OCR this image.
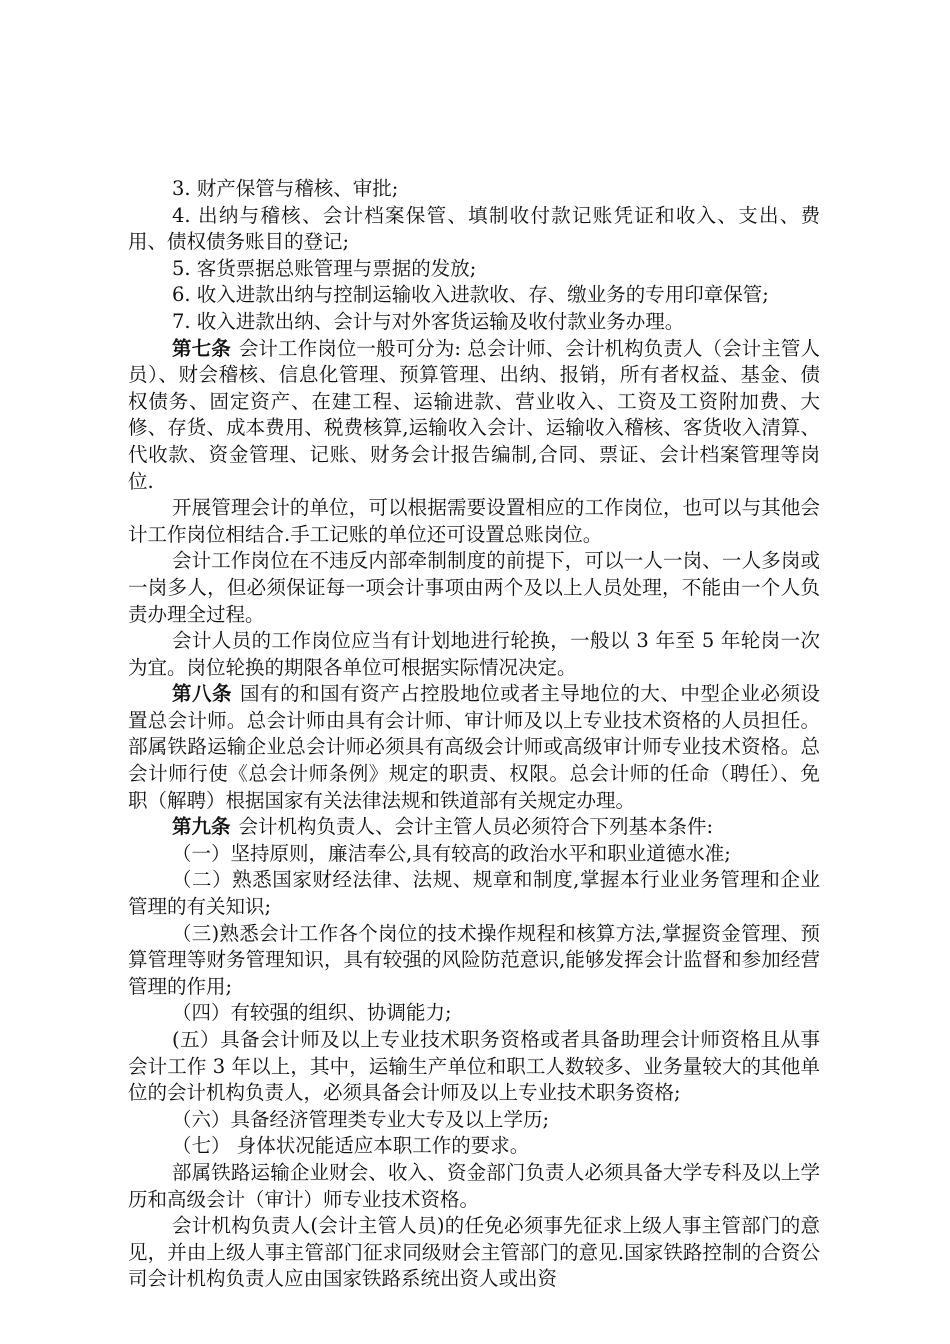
3. 财产保管与稽核、审批;

4. 出纳与稽核、会计档案保管、填制收付款记账凭证和收入、支出、费用、债权债务账目的登记;

5. 客货票据总账管理与票据的发放;

6. 收入进款出纳与控制运输收入进款收、存、缴业务的专用印章保管;

7. 收入进款出纳、会计与对外客货运输及收付款业务办理。

第七条 会计工作岗位一般可分为: 总会计师、会计机构负责人（会计主管人员）、财会稽核、信息化管理、预算管理、出纳、报销，所有者权益、基金、债权债务、固定资产、在建工程、运输进款、营业收入、工资及工资附加费、大修、存货、成本费用、税费核算,运输收入会计、运输收入稽核、客货收入清算、代收款、资金管理、记账、财务会计报告编制,合同、票证、会计档案管理等岗位.

开展管理会计的单位，可以根据需要设置相应的工作岗位，也可以与其他会计工作岗位相结合.手工记账的单位还可设置总账岗位。

会计工作岗位在不违反内部牵制制度的前提下，可以一人一岗、一人多岗或一岗多人，但必须保证每一项会计事项由两个及以上人员处理，不能由一个人负责办理全过程。

会计人员的工作岗位应当有计划地进行轮换，一般以 3 年至 5 年轮岗一次为宜。岗位轮换的期限各单位可根据实际情况决定。

第八条 国有的和国有资产占控股地位或者主导地位的大、中型企业必须设置总会计师。总会计师由具有会计师、审计师及以上专业技术资格的人员担任。部属铁路运输企业总会计师必须具有高级会计师或高级审计师专业技术资格。总会计师行使《总会计师条例》规定的职责、权限。总会计师的任命（聘任）、免职（解聘）根据国家有关法律法规和铁道部有关规定办理。

第九条 会计机构负责人、会计主管人员必须符合下列基本条件:

（一）坚持原则，廉洁奉公,具有较高的政治水平和职业道德水准;

（二）熟悉国家财经法律、法规、规章和制度,掌握本行业业务管理和企业管理的有关知识;

（三)熟悉会计工作各个岗位的技术操作规程和核算方法,掌握资金管理、预算管理等财务管理知识，具有较强的风险防范意识,能够发挥会计监督和参加经营管理的作用;

（四）有较强的组织、协调能力;

(五）具备会计师及以上专业技术职务资格或者具备助理会计师资格且从事会计工作 3 年以上，其中，运输生产单位和职工人数较多、业务量较大的其他单位的会计机构负责人，必须具备会计师及以上专业技术职务资格;

（六）具备经济管理类专业大专及以上学历;

（七） 身体状况能适应本职工作的要求。

部属铁路运输企业财会、收入、资金部门负责人必须具备大学专科及以上学历和高级会计（审计）师专业技术资格。

会计机构负责人(会计主管人员)的任免必须事先征求上级人事主管部门的意见，并由上级人事主管部门征求同级财会主管部门的意见.国家铁路控制的合资公司会计机构负责人应由国家铁路系统出资人或出资
